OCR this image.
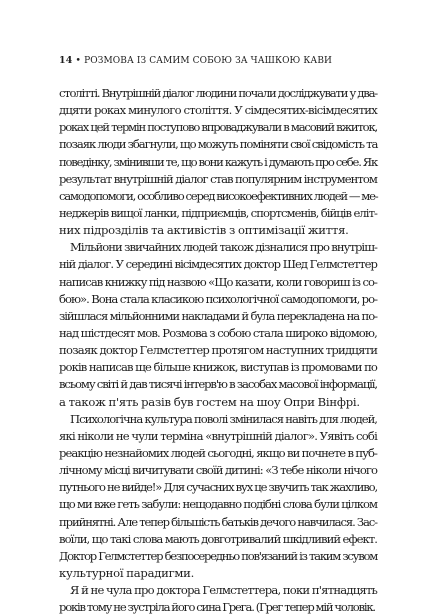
14 • РОЗМОВА ІЗ САМИМ СОБОЮ ЗА ЧАШКОЮ КАВИ
столітті. Внутрішній діалог людини почали досліджувати у два-
дцяти роках минулого століття. У сімдесятих-вісімдесятих
роках цей термін поступово впроваджували в масовий вжиток,
позаяк люди збагнули, що можуть поміняти свої свідомість та
поведінку, змінивши те, що вони кажуть і думають про себе. Як
результат внутрішній діалог став популярним інструментом
самодопомоги, особливо серед високоефективних людей — ме-
неджерів вищої ланки, підприємців, спортсменів, бійців еліт-
них підрозділів та активістів з оптимізації життя.
Мільйони звичайних людей також дізналися про внутріш-
ній діалог. У середині вісімдесятих доктор Шед Гелмстеттер
написав книжку під назвою «Що казати, коли говориш із со-
бою». Вона стала класикою психологічної самодопомоги, ро-
зійшлася мільйонними накладами й була перекладена на по-
над шістдесят мов. Розмова з собою стала широко відомою,
позаяк доктор Гелмстеттер протягом наступних тридцяти
років написав ще більше книжок, виступав із промовами по
всьому світі й дав тисячі інтерв'ю в засобах масової інформації,
а також п'ять разів був гостем на шоу Опри Вінфрі.
Психологічна культура поволі змінилася навіть для людей,
які ніколи не чули терміна «внутрішній діалог». Уявіть собі
реакцію незнайомих людей сьогодні, якщо ви почнете в пуб-
лічному місці вичитувати своїй дитині: «З тебе ніколи нічого
путнього не вийде!» Для сучасних вух це звучить так жахливо,
що ми вже геть забули: нещодавно подібні слова були цілком
прийнятні. Але тепер більшість батьків дечого навчилася. Зас-
воїли, що такі слова мають довготривалий шкідливий ефект.
Доктор Гелмстеттер безпосередньо пов'язаний із таким зсувом
культурної парадигми.
Я й не чула про доктора Гелмстеттера, поки п'ятнадцять
років тому не зустріла його сина Грега. (Грег тепер мій чоловік.
